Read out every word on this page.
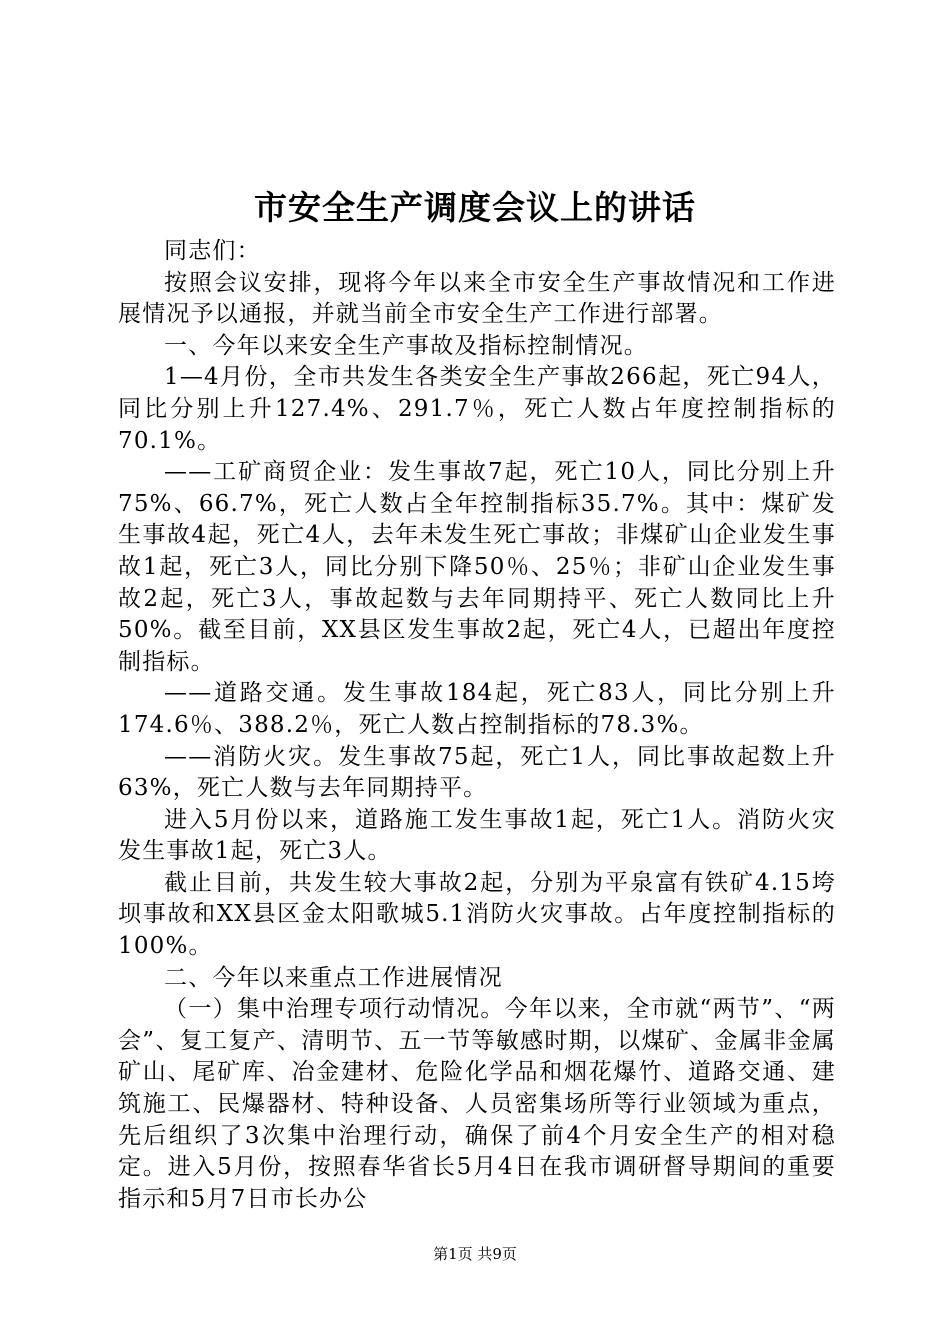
市安全生产调度会议上的讲话

同志们：

按照会议安排，现将今年以来全市安全生产事故情况和工作进展情况予以通报，并就当前全市安全生产工作进行部署。

一、今年以来安全生产事故及指标控制情况。

1—4月份，全市共发生各类安全生产事故266起，死亡94人，同比分别上升127.4%、291.7％，死亡人数占年度控制指标的70.1%。

——工矿商贸企业：发生事故7起，死亡10人，同比分别上升75%、66.7%，死亡人数占全年控制指标35.7%。其中：煤矿发生事故4起，死亡4人，去年未发生死亡事故；非煤矿山企业发生事故1起，死亡3人，同比分别下降50％、25％；非矿山企业发生事故2起，死亡3人，事故起数与去年同期持平、死亡人数同比上升50%。截至目前，XX县区发生事故2起，死亡4人，已超出年度控制指标。

——道路交通。发生事故184起，死亡83人，同比分别上升174.6％、388.2％，死亡人数占控制指标的78.3%。

——消防火灾。发生事故75起，死亡1人，同比事故起数上升63%，死亡人数与去年同期持平。

进入5月份以来，道路施工发生事故1起，死亡1人。消防火灾发生事故1起，死亡3人。

截止目前，共发生较大事故2起，分别为平泉富有铁矿4.15垮坝事故和XX县区金太阳歌城5.1消防火灾事故。占年度控制指标的100%。

二、今年以来重点工作进展情况

（一）集中治理专项行动情况。今年以来，全市就“两节”、“两会”、复工复产、清明节、五一节等敏感时期，以煤矿、金属非金属矿山、尾矿库、冶金建材、危险化学品和烟花爆竹、道路交通、建筑施工、民爆器材、特种设备、人员密集场所等行业领域为重点，先后组织了3次集中治理行动，确保了前4个月安全生产的相对稳定。进入5月份，按照春华省长5月4日在我市调研督导期间的重要指示和5月7日市长办公

第1页 共9页
